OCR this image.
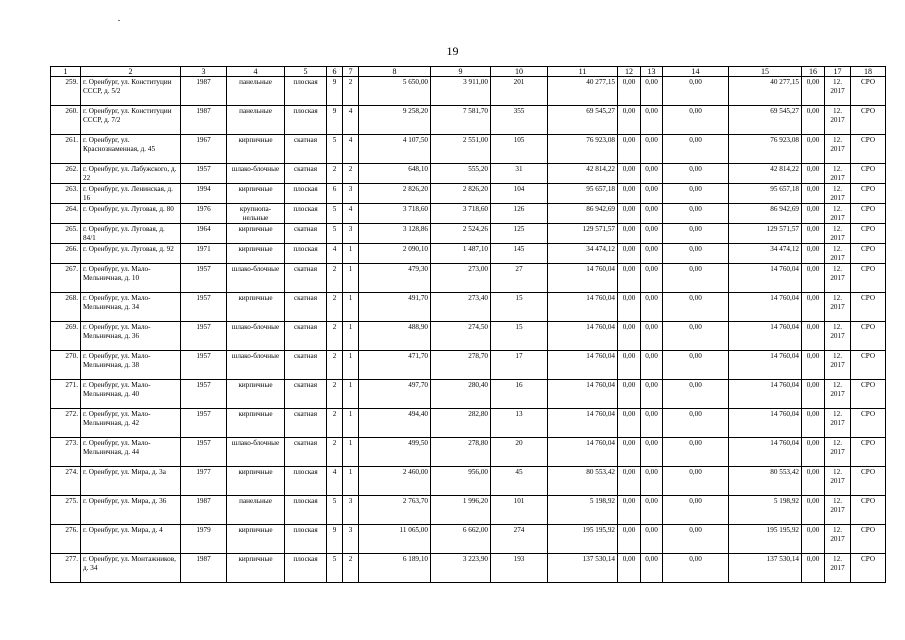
19
1	2	3	4	5	6	7	8	9	10	11	12	13	14	15	16	17	18
259.	г. Оренбург, ул. Конституции СССР, д. 5/2	1987	панельные	плоская	9	2	5 650,00	3 911,00	201	40 277,15	0,00	0,00	0,00	40 277,15	0,00	12. 2017	СРО
260.	г. Оренбург, ул. Конституции СССР, д. 7/2	1987	панельные	плоская	9	4	9 258,20	7 581,70	355	69 545,27	0,00	0,00	0,00	69 545,27	0,00	12. 2017	СРО
261.	г. Оренбург, ул. Краснознаменная, д. 45	1967	кирпичные	скатная	5	4	4 107,50	2 551,00	105	76 923,08	0,00	0,00	0,00	76 923,08	0,00	12. 2017	СРО
262.	г. Оренбург, ул. Лабужского, д. 22	1957	шлако-блочные	скатная	2	2	648,10	555,20	31	42 814,22	0,00	0,00	0,00	42 814,22	0,00	12. 2017	СРО
263.	г. Оренбург, ул. Ленинская, д. 16	1994	кирпичные	плоская	6	3	2 826,20	2 826,20	104	95 657,18	0,00	0,00	0,00	95 657,18	0,00	12. 2017	СРО
264.	г. Оренбург, ул. Луговая, д. 80	1976	крупнопа-нельные	плоская	5	4	3 718,60	3 718,60	126	86 942,69	0,00	0,00	0,00	86 942,69	0,00	12. 2017	СРО
265.	г. Оренбург, ул. Луговая, д. 84/1	1964	кирпичные	скатная	5	3	3 128,86	2 524,26	125	129 571,57	0,00	0,00	0,00	129 571,57	0,00	12. 2017	СРО
266.	г. Оренбург, ул. Луговая, д. 92	1971	кирпичные	плоская	4	1	2 090,10	1 487,10	145	34 474,12	0,00	0,00	0,00	34 474,12	0,00	12. 2017	СРО
267.	г. Оренбург, ул. Мало-Мельничная, д. 10	1957	шлако-блочные	скатная	2	1	479,30	273,00	27	14 760,04	0,00	0,00	0,00	14 760,04	0,00	12. 2017	СРО
268.	г. Оренбург, ул. Мало-Мельничная, д. 34	1957	кирпичные	скатная	2	1	491,70	273,40	15	14 760,04	0,00	0,00	0,00	14 760,04	0,00	12. 2017	СРО
269.	г. Оренбург, ул. Мало-Мельничная, д. 36	1957	шлако-блочные	скатная	2	1	488,90	274,50	15	14 760,04	0,00	0,00	0,00	14 760,04	0,00	12. 2017	СРО
270.	г. Оренбург, ул. Мало-Мельничная, д. 38	1957	шлако-блочные	скатная	2	1	471,70	278,70	17	14 760,04	0,00	0,00	0,00	14 760,04	0,00	12. 2017	СРО
271.	г. Оренбург, ул. Мало-Мельничная, д. 40	1957	кирпичные	скатная	2	1	497,70	280,40	16	14 760,04	0,00	0,00	0,00	14 760,04	0,00	12. 2017	СРО
272.	г. Оренбург, ул. Мало-Мельничная, д. 42	1957	кирпичные	скатная	2	1	494,40	282,80	13	14 760,04	0,00	0,00	0,00	14 760,04	0,00	12. 2017	СРО
273.	г. Оренбург, ул. Мало-Мельничная, д. 44	1957	шлако-блочные	скатная	2	1	499,50	278,80	20	14 760,04	0,00	0,00	0,00	14 760,04	0,00	12. 2017	СРО
274.	г. Оренбург, ул. Мира, д. 3а	1977	кирпичные	плоская	4	1	2 460,00	956,00	45	80 553,42	0,00	0,00	0,00	80 553,42	0,00	12. 2017	СРО
275.	г. Оренбург, ул. Мира, д. 36	1987	панельные	плоская	5	3	2 763,70	1 996,20	101	5 198,92	0,00	0,00	0,00	5 198,92	0,00	12. 2017	СРО
276.	г. Оренбург, ул. Мира, д. 4	1979	кирпичные	плоская	9	3	11 065,00	6 662,00	274	195 195,92	0,00	0,00	0,00	195 195,92	0,00	12. 2017	СРО
277.	г. Оренбург, ул. Монтажников, д. 34	1987	кирпичные	плоская	5	2	6 189,10	3 223,90	193	137 530,14	0,00	0,00	0,00	137 530,14	0,00	12. 2017	СРО
